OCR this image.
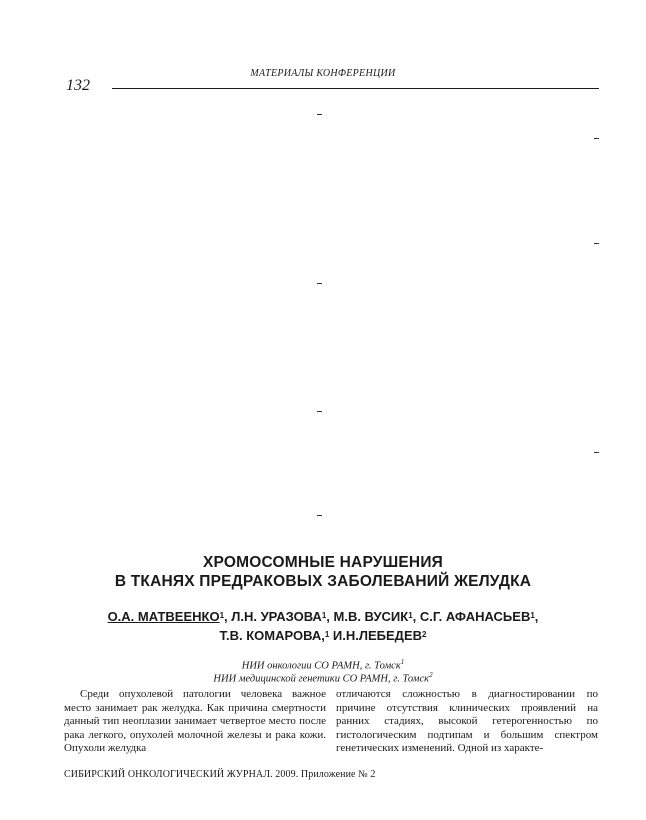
МАТЕРИАЛЫ КОНФЕРЕНЦИИ
132
ХРОМОСОМНЫЕ НАРУШЕНИЯ
В ТКАНЯХ ПРЕДРАКОВЫХ ЗАБОЛЕВАНИЙ ЖЕЛУДКА
О.А. МАТВЕЕНКО$^1$, Л.Н. УРАЗОВА$^1$, М.В. ВУСИК$^1$, С.Г. АФАНАСЬЕВ$^1$,
Т.В. КОМАРОВА,$^1$ И.Н.ЛЕБЕДЕВ$^2$
НИИ онкологии СО РАМН, г. Томск$^1$
НИИ медицинской генетики СО РАМН, г. Томск$^2$

Среди опухолевой патологии человека важное место занимает рак желудка. Как причина смертности данный тип неоплазии занимает четвертое место после рака легкого, опухолей молочной железы и рака кожи. Опухоли желудка

отличаются сложностью в диагностировании по причине отсутствия клинических проявлений на ранних стадиях, высокой гетерогенностью по гистологическим подтипам и большим спектром генетических изменений. Одной из характе-

СИБИРСКИЙ ОНКОЛОГИЧЕСКИЙ ЖУРНАЛ. 2009. Приложение № 2
